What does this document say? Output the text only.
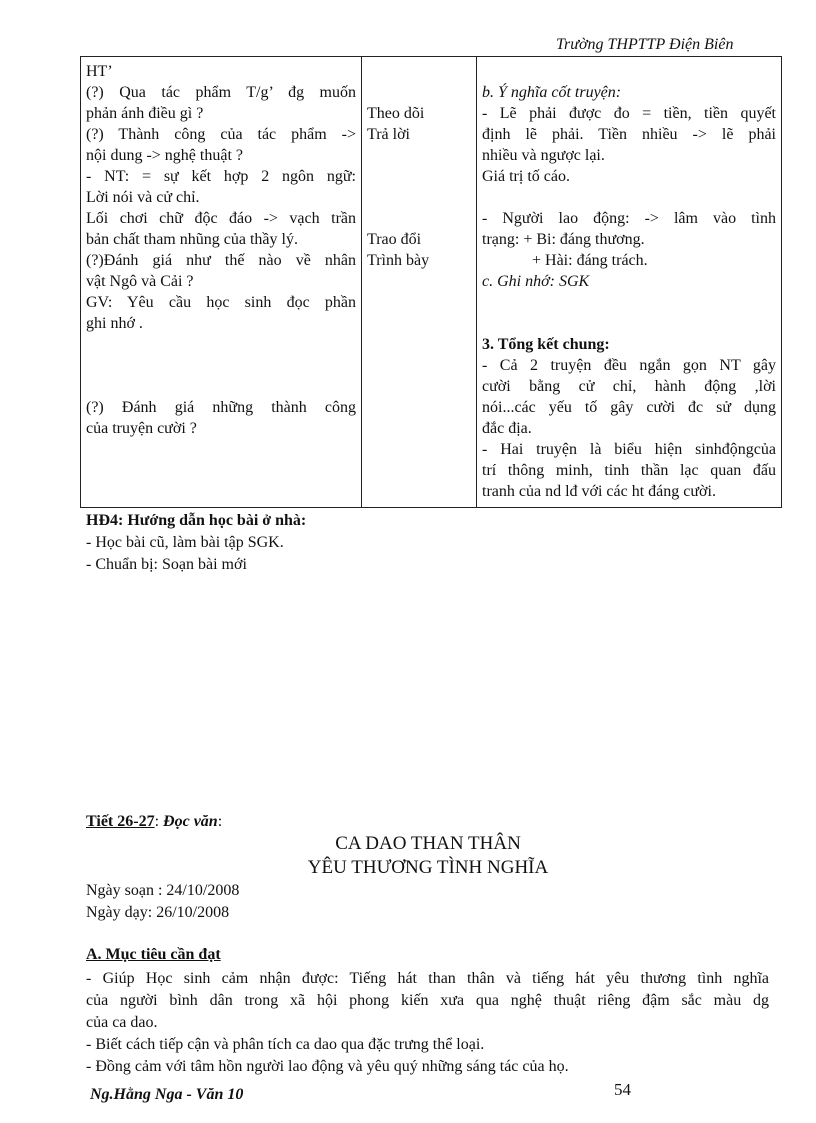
Trường THPTTP Điện Biên
HT’
(?) Qua tác phẩm T/g’ đg muốn
phản ánh điều gì ?
(?) Thành công của tác phẩm ->
nội dung -> nghệ thuật ?
- NT: = sự kết hợp 2 ngôn ngữ:
Lời nói và cử chỉ.
Lối chơi chữ độc đáo -> vạch trần
bản chất tham nhũng của thầy lý.
(?)Đánh giá như thế nào về nhân
vật Ngô và Cải ?
GV: Yêu cầu học sinh đọc phần
ghi nhớ .
(?) Đánh giá những thành công
của truyện cười ?

Theo dõi
Trả lời
Trao đổi
Trình bày

b. Ý nghĩa cốt truyện:
- Lẽ phải được đo = tiền, tiền quyết
định lẽ phải. Tiền nhiều -> lẽ phải
nhiều và ngược lại.
Giá trị tố cáo.
- Người lao động: -> lâm vào tình
trạng: + Bi: đáng thương.
+ Hài: đáng trách.
c. Ghi nhớ: SGK
3. Tổng kết chung:
- Cả 2 truyện đều ngắn gọn NT gây
cười bằng cử chỉ, hành động ,lời
nói...các yếu tố gây cười đc sử dụng
đắc địa.
- Hai truyện là biểu hiện sinhđộngcủa
trí thông minh, tinh thần lạc quan đấu
tranh của nd lđ với các ht đáng cười.
HĐ4: Hướng dẫn học bài ở nhà:
- Học bài cũ, làm bài tập SGK.
- Chuẩn bị: Soạn bài mới
Tiết 26-27: Đọc văn:
CA DAO THAN THÂN
YÊU THƯƠNG TÌNH NGHĨA
Ngày soạn : 24/10/2008
Ngày dạy: 26/10/2008
A. Mục tiêu cần đạt
- Giúp Học sinh cảm nhận được: Tiếng hát than thân và tiếng hát yêu thương tình nghĩa
của người bình dân trong xã hội phong kiến xưa qua nghệ thuật riêng đậm sắc màu dg
của ca dao.
- Biết cách tiếp cận và phân tích ca dao qua đặc trưng thể loại.
- Đồng cảm với tâm hồn người lao động và yêu quý những sáng tác của họ.
Ng.Hằng Nga - Văn 10	54
